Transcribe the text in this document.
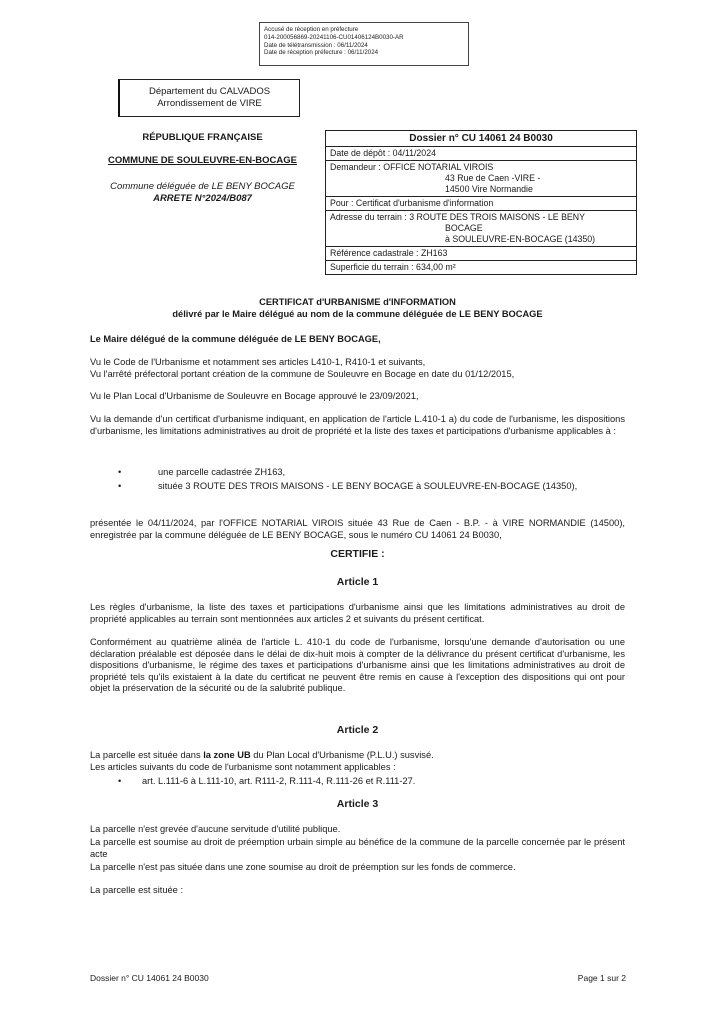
Accusé de réception en préfecture
014-200056869-20241106-CU01406124B0030-AR
Date de télétransmission : 06/11/2024
Date de réception préfecture : 06/11/2024
Département du CALVADOS
Arrondissement de VIRE
RÉPUBLIQUE FRANÇAISE
COMMUNE DE SOULEUVRE-EN-BOCAGE
Commune déléguée de LE BENY BOCAGE
ARRETE N°2024/B087
Dossier n° CU 14061 24 B0030
Date de dépôt : 04/11/2024
Demandeur : OFFICE NOTARIAL VIROIS
43 Rue de Caen -VIRE -
14500 Vire Normandie
Pour : Certificat d'urbanisme d'information
Adresse du terrain : 3 ROUTE DES TROIS MAISONS - LE BENY
BOCAGE
à SOULEUVRE-EN-BOCAGE (14350)
Référence cadastrale : ZH163
Superficie du terrain : 634,00 m²
CERTIFICAT d'URBANISME d'INFORMATION
délivré par le Maire délégué au nom de la commune déléguée de LE BENY BOCAGE
Le Maire délégué de la commune déléguée de LE BENY BOCAGE,
Vu le Code de l'Urbanisme et notamment ses articles L410-1, R410-1 et suivants,
Vu l'arrêté préfectoral portant création de la commune de Souleuvre en Bocage en date du 01/12/2015,
Vu le Plan Local d'Urbanisme de Souleuvre en Bocage approuvé le 23/09/2021,
Vu la demande d'un certificat d'urbanisme indiquant, en application de l'article L.410-1 a) du code de l'urbanisme, les dispositions d'urbanisme, les limitations administratives au droit de propriété et la liste des taxes et participations d'urbanisme applicables à :
•	une parcelle cadastrée ZH163,
•	située 3 ROUTE DES TROIS MAISONS - LE BENY BOCAGE à SOULEUVRE-EN-BOCAGE (14350),
présentée le 04/11/2024, par l'OFFICE NOTARIAL VIROIS située 43 Rue de Caen - B.P. - à VIRE NORMANDIE (14500), enregistrée par la commune déléguée de LE BENY BOCAGE, sous le numéro CU 14061 24 B0030,
CERTIFIE :
Article 1
Les règles d'urbanisme, la liste des taxes et participations d'urbanisme ainsi que les limitations administratives au droit de propriété applicables au terrain sont mentionnées aux articles 2 et suivants du présent certificat.
Conformément au quatrième alinéa de l'article L. 410-1 du code de l'urbanisme, lorsqu'une demande d'autorisation ou une déclaration préalable est déposée dans le délai de dix-huit mois à compter de la délivrance du présent certificat d'urbanisme, les dispositions d'urbanisme, le régime des taxes et participations d'urbanisme ainsi que les limitations administratives au droit de propriété tels qu'ils existaient à la date du certificat ne peuvent être remis en cause à l'exception des dispositions qui ont pour objet la préservation de la sécurité ou de la salubrité publique.
Article 2
La parcelle est située dans la zone UB du Plan Local d'Urbanisme (P.L.U.) susvisé.
Les articles suivants du code de l'urbanisme sont notamment applicables :
• art. L.111-6 à L.111-10, art. R111-2, R.111-4, R.111-26 et R.111-27.
Article 3
La parcelle n'est grevée d'aucune servitude d'utilité publique.
La parcelle est soumise au droit de préemption urbain simple au bénéfice de la commune de la parcelle concernée par le présent acte
La parcelle n'est pas située dans une zone soumise au droit de préemption sur les fonds de commerce.
La parcelle est située :
Dossier n° CU 14061 24 B0030	Page 1 sur 2
